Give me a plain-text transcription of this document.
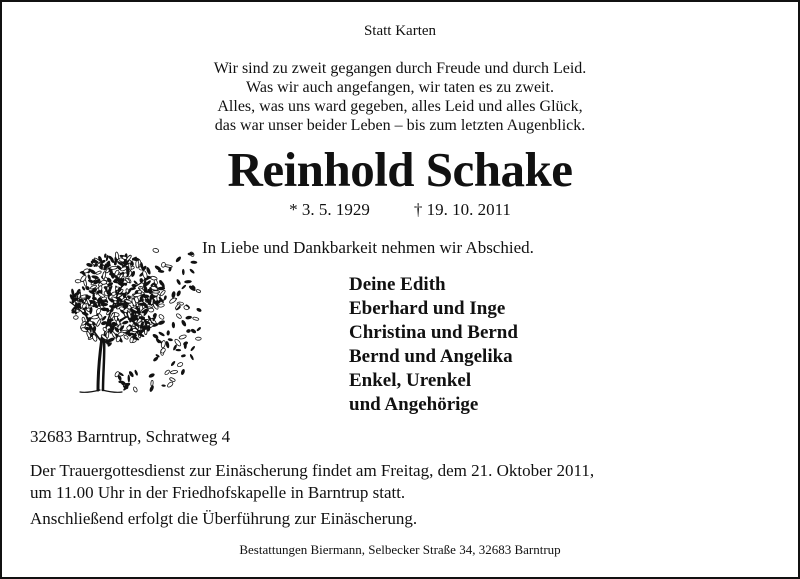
Statt Karten
Wir sind zu zweit gegangen durch Freude und durch Leid.
Was wir auch angefangen, wir taten es zu zweit.
Alles, was uns ward gegeben, alles Leid und alles Glück,
das war unser beider Leben – bis zum letzten Augenblick.
Reinhold Schake
* 3. 5. 1929	† 19. 10. 2011
In Liebe und Dankbarkeit nehmen wir Abschied.
Deine Edith
Eberhard und Inge
Christina und Bernd
Bernd und Angelika
Enkel, Urenkel
und Angehörige
32683 Barntrup, Schratweg 4
Der Trauergottesdienst zur Einäscherung findet am Freitag, dem 21. Oktober 2011,
um 11.00 Uhr in der Friedhofskapelle in Barntrup statt.
Anschließend erfolgt die Überführung zur Einäscherung.
Bestattungen Biermann, Selbecker Straße 34, 32683 Barntrup
